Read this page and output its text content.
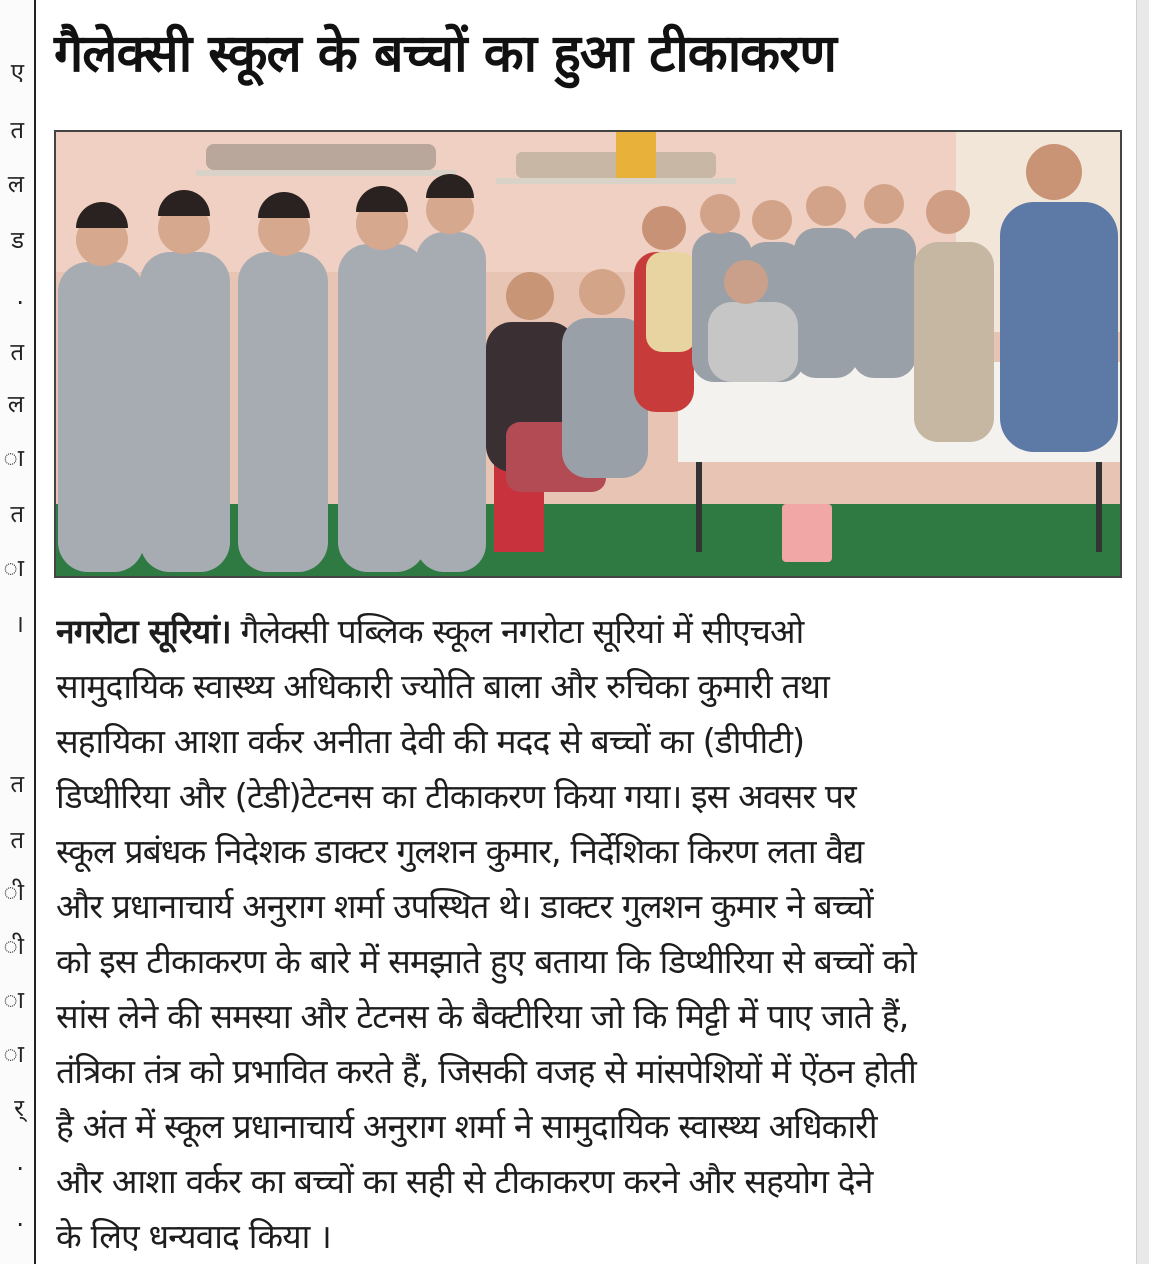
ए
त
ल
ड
.
त
ल
ा
त
ा
।
त
त
ी
ी
ा
ा
र्
.
.
गैलेक्सी स्कूल के बच्चों का हुआ टीकाकरण
नगरोटा सूरियां। गैलेक्सी पब्लिक स्कूल नगरोटा सूरियां में सीएचओ
सामुदायिक स्वास्थ्य अधिकारी ज्योति बाला और रुचिका कुमारी तथा
सहायिका आशा वर्कर अनीता देवी की मदद से बच्चों का (डीपीटी)
डिप्थीरिया और (टेडी)टेटनस का टीकाकरण किया गया। इस अवसर पर
स्कूल प्रबंधक निदेशक डाक्टर गुलशन कुमार, निर्देशिका किरण लता वैद्य
और प्रधानाचार्य अनुराग शर्मा उपस्थित थे। डाक्टर गुलशन कुमार ने बच्चों
को इस टीकाकरण के बारे में समझाते हुए बताया कि डिप्थीरिया से बच्चों को
सांस लेने की समस्या और टेटनस के बैक्टीरिया जो कि मिट्टी में पाए जाते हैं,
तंत्रिका तंत्र को प्रभावित करते हैं, जिसकी वजह से मांसपेशियों में ऐंठन होती
है अंत में स्कूल प्रधानाचार्य अनुराग शर्मा ने सामुदायिक स्वास्थ्य अधिकारी
और आशा वर्कर का बच्चों का सही से टीकाकरण करने और सहयोग देने
के लिए धन्यवाद किया ।
